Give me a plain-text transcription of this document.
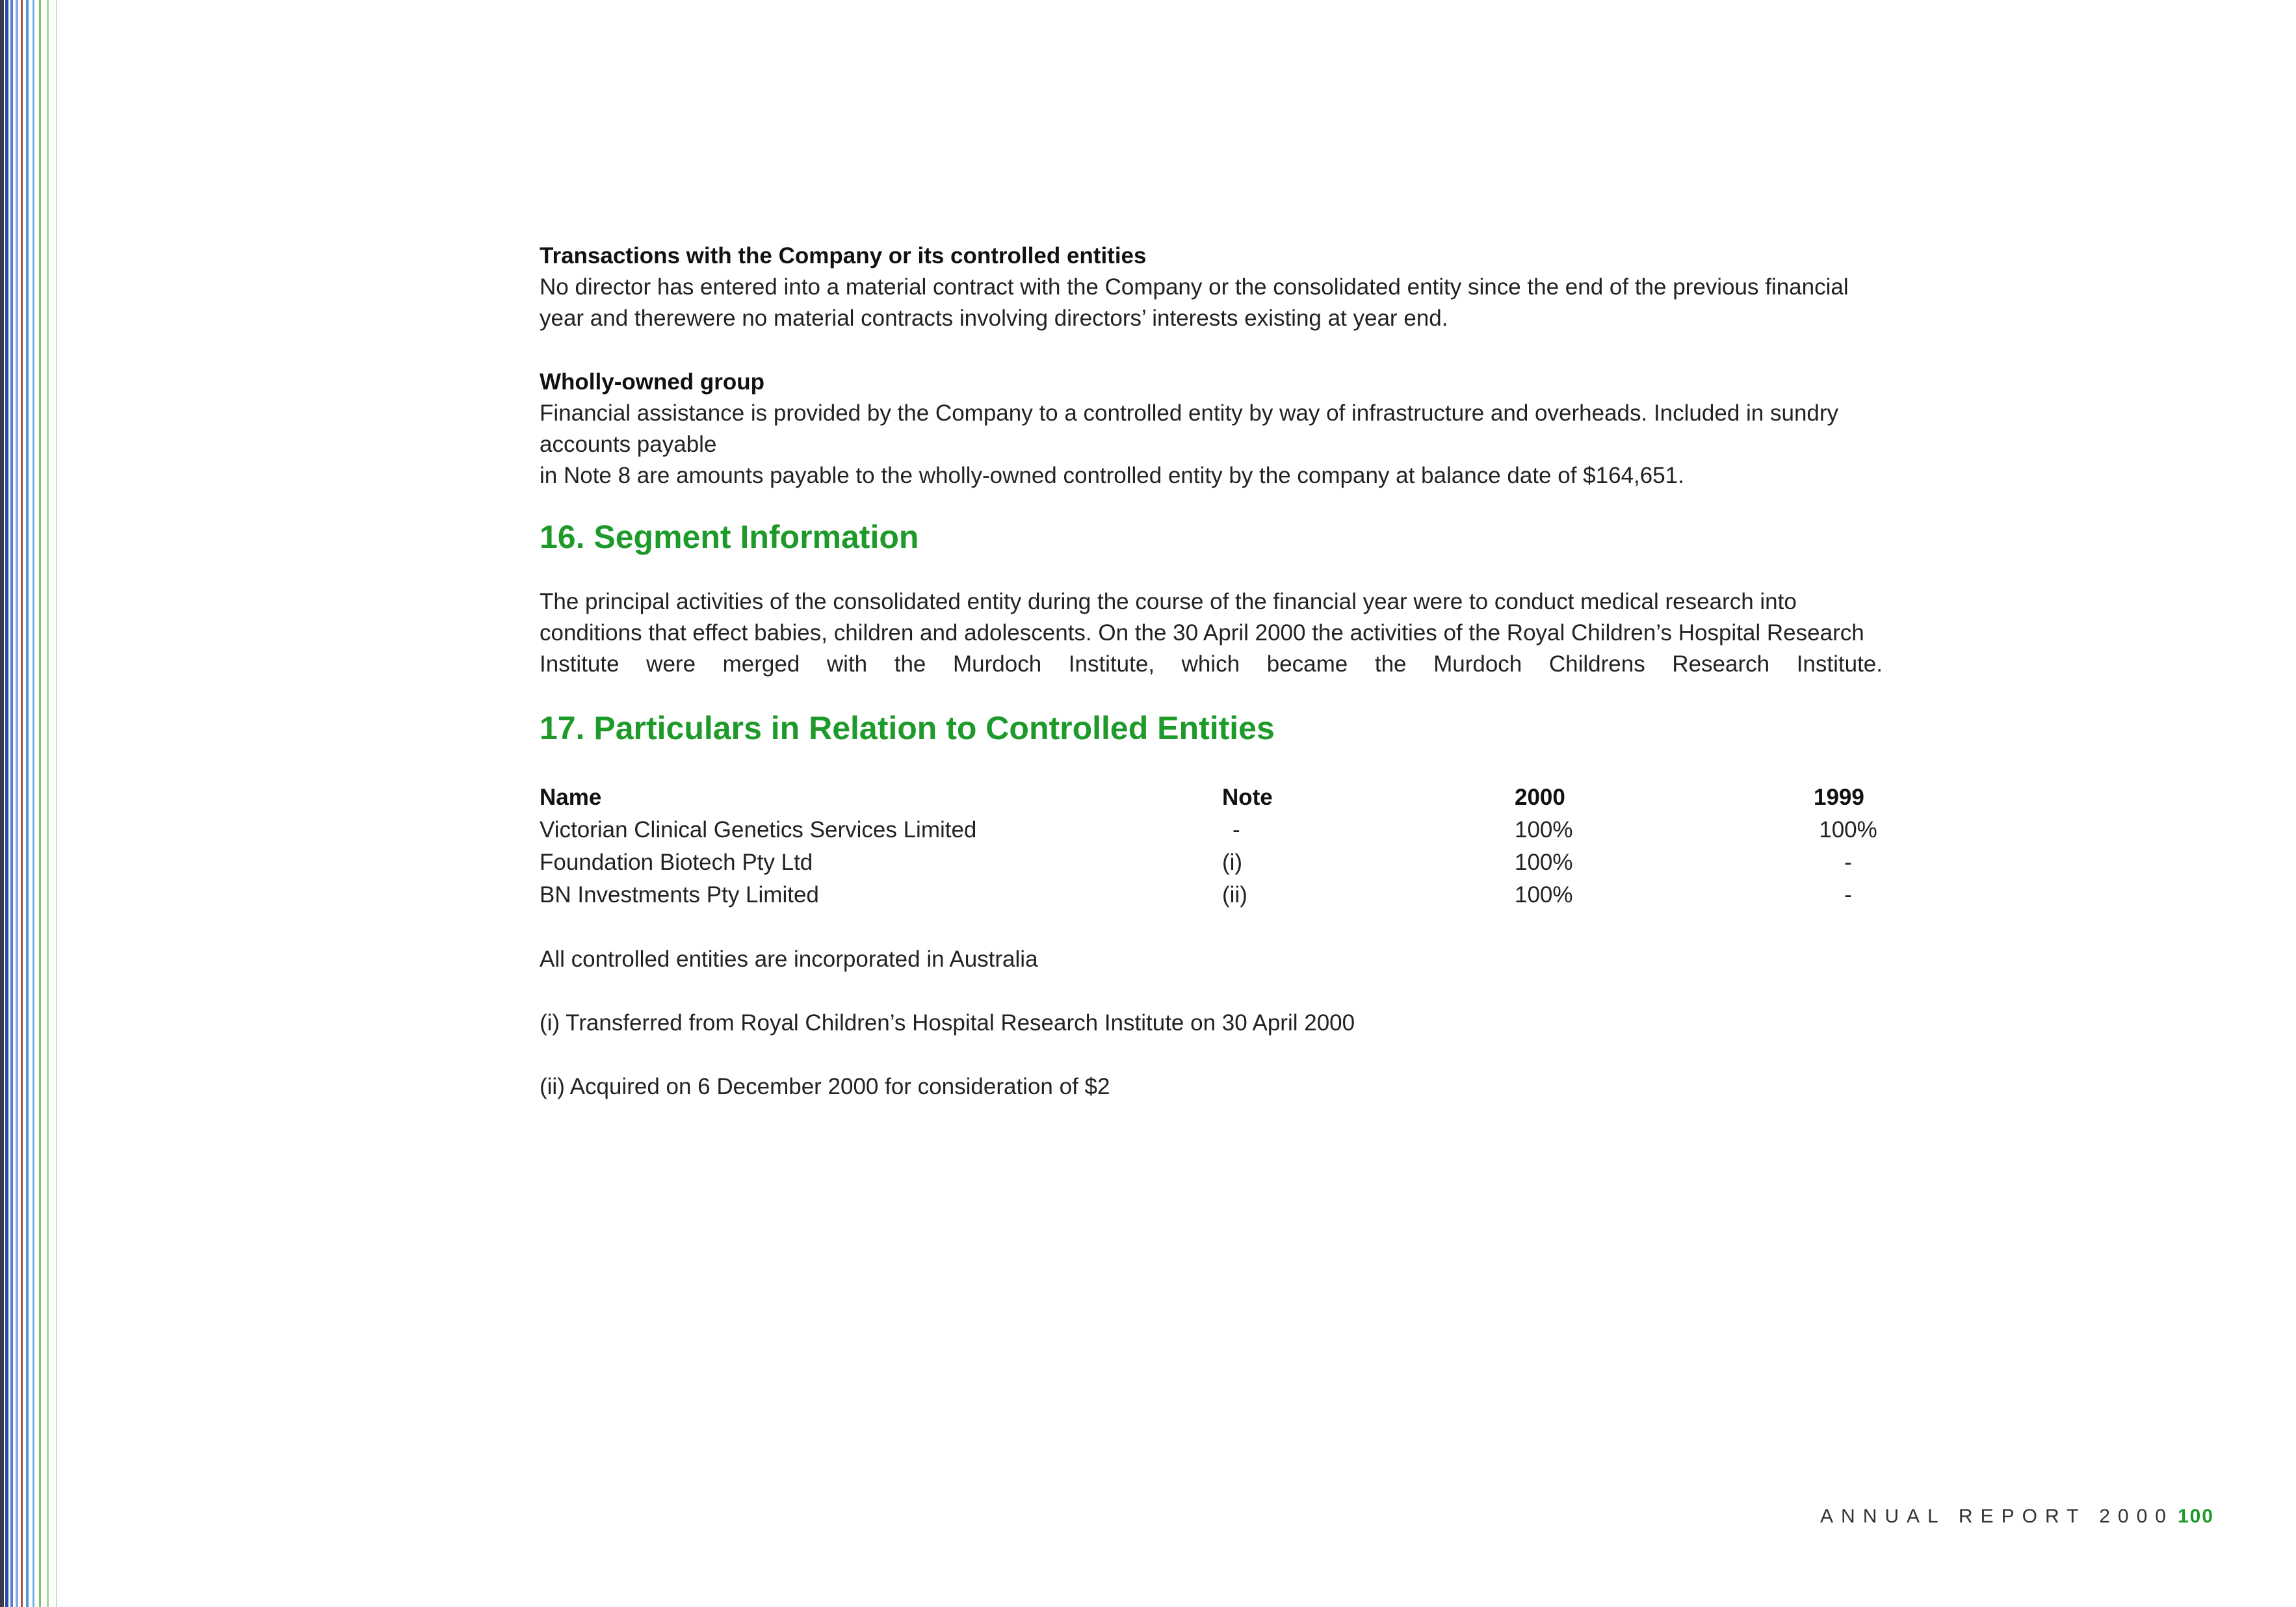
Transactions with the Company or its controlled entities

No director has entered into a material contract with the Company or the consolidated entity since the end of the previous financial

year and therewere no material contracts involving directors’ interests existing at year end.

Wholly-owned group

Financial assistance is provided by the Company to a controlled entity by way of infrastructure and overheads. Included in sundry

accounts payable

in Note 8 are amounts payable to the wholly-owned controlled entity by the company at balance date of $164,651.

16. Segment Information

The principal activities of the consolidated entity during the course of the financial year were to conduct medical research into

conditions that effect babies, children and adolescents. On the 30 April 2000 the activities of the Royal Children’s Hospital Research

Institute were merged with the Murdoch Institute, which became the Murdoch Childrens Research Institute.

17. Particulars in Relation to Controlled Entities
Name	Note	2000	1999
Victorian Clinical Genetics Services Limited	-	100%	100%
Foundation Biotech Pty Ltd	(i)	100%	-
BN Investments Pty Limited	(ii)	100%	-

All controlled entities are incorporated in Australia

(i) Transferred from Royal Children’s Hospital Research Institute on 30 April 2000

(ii) Acquired on 6 December 2000 for consideration of $2

ANNUAL REPORT 2000 100
